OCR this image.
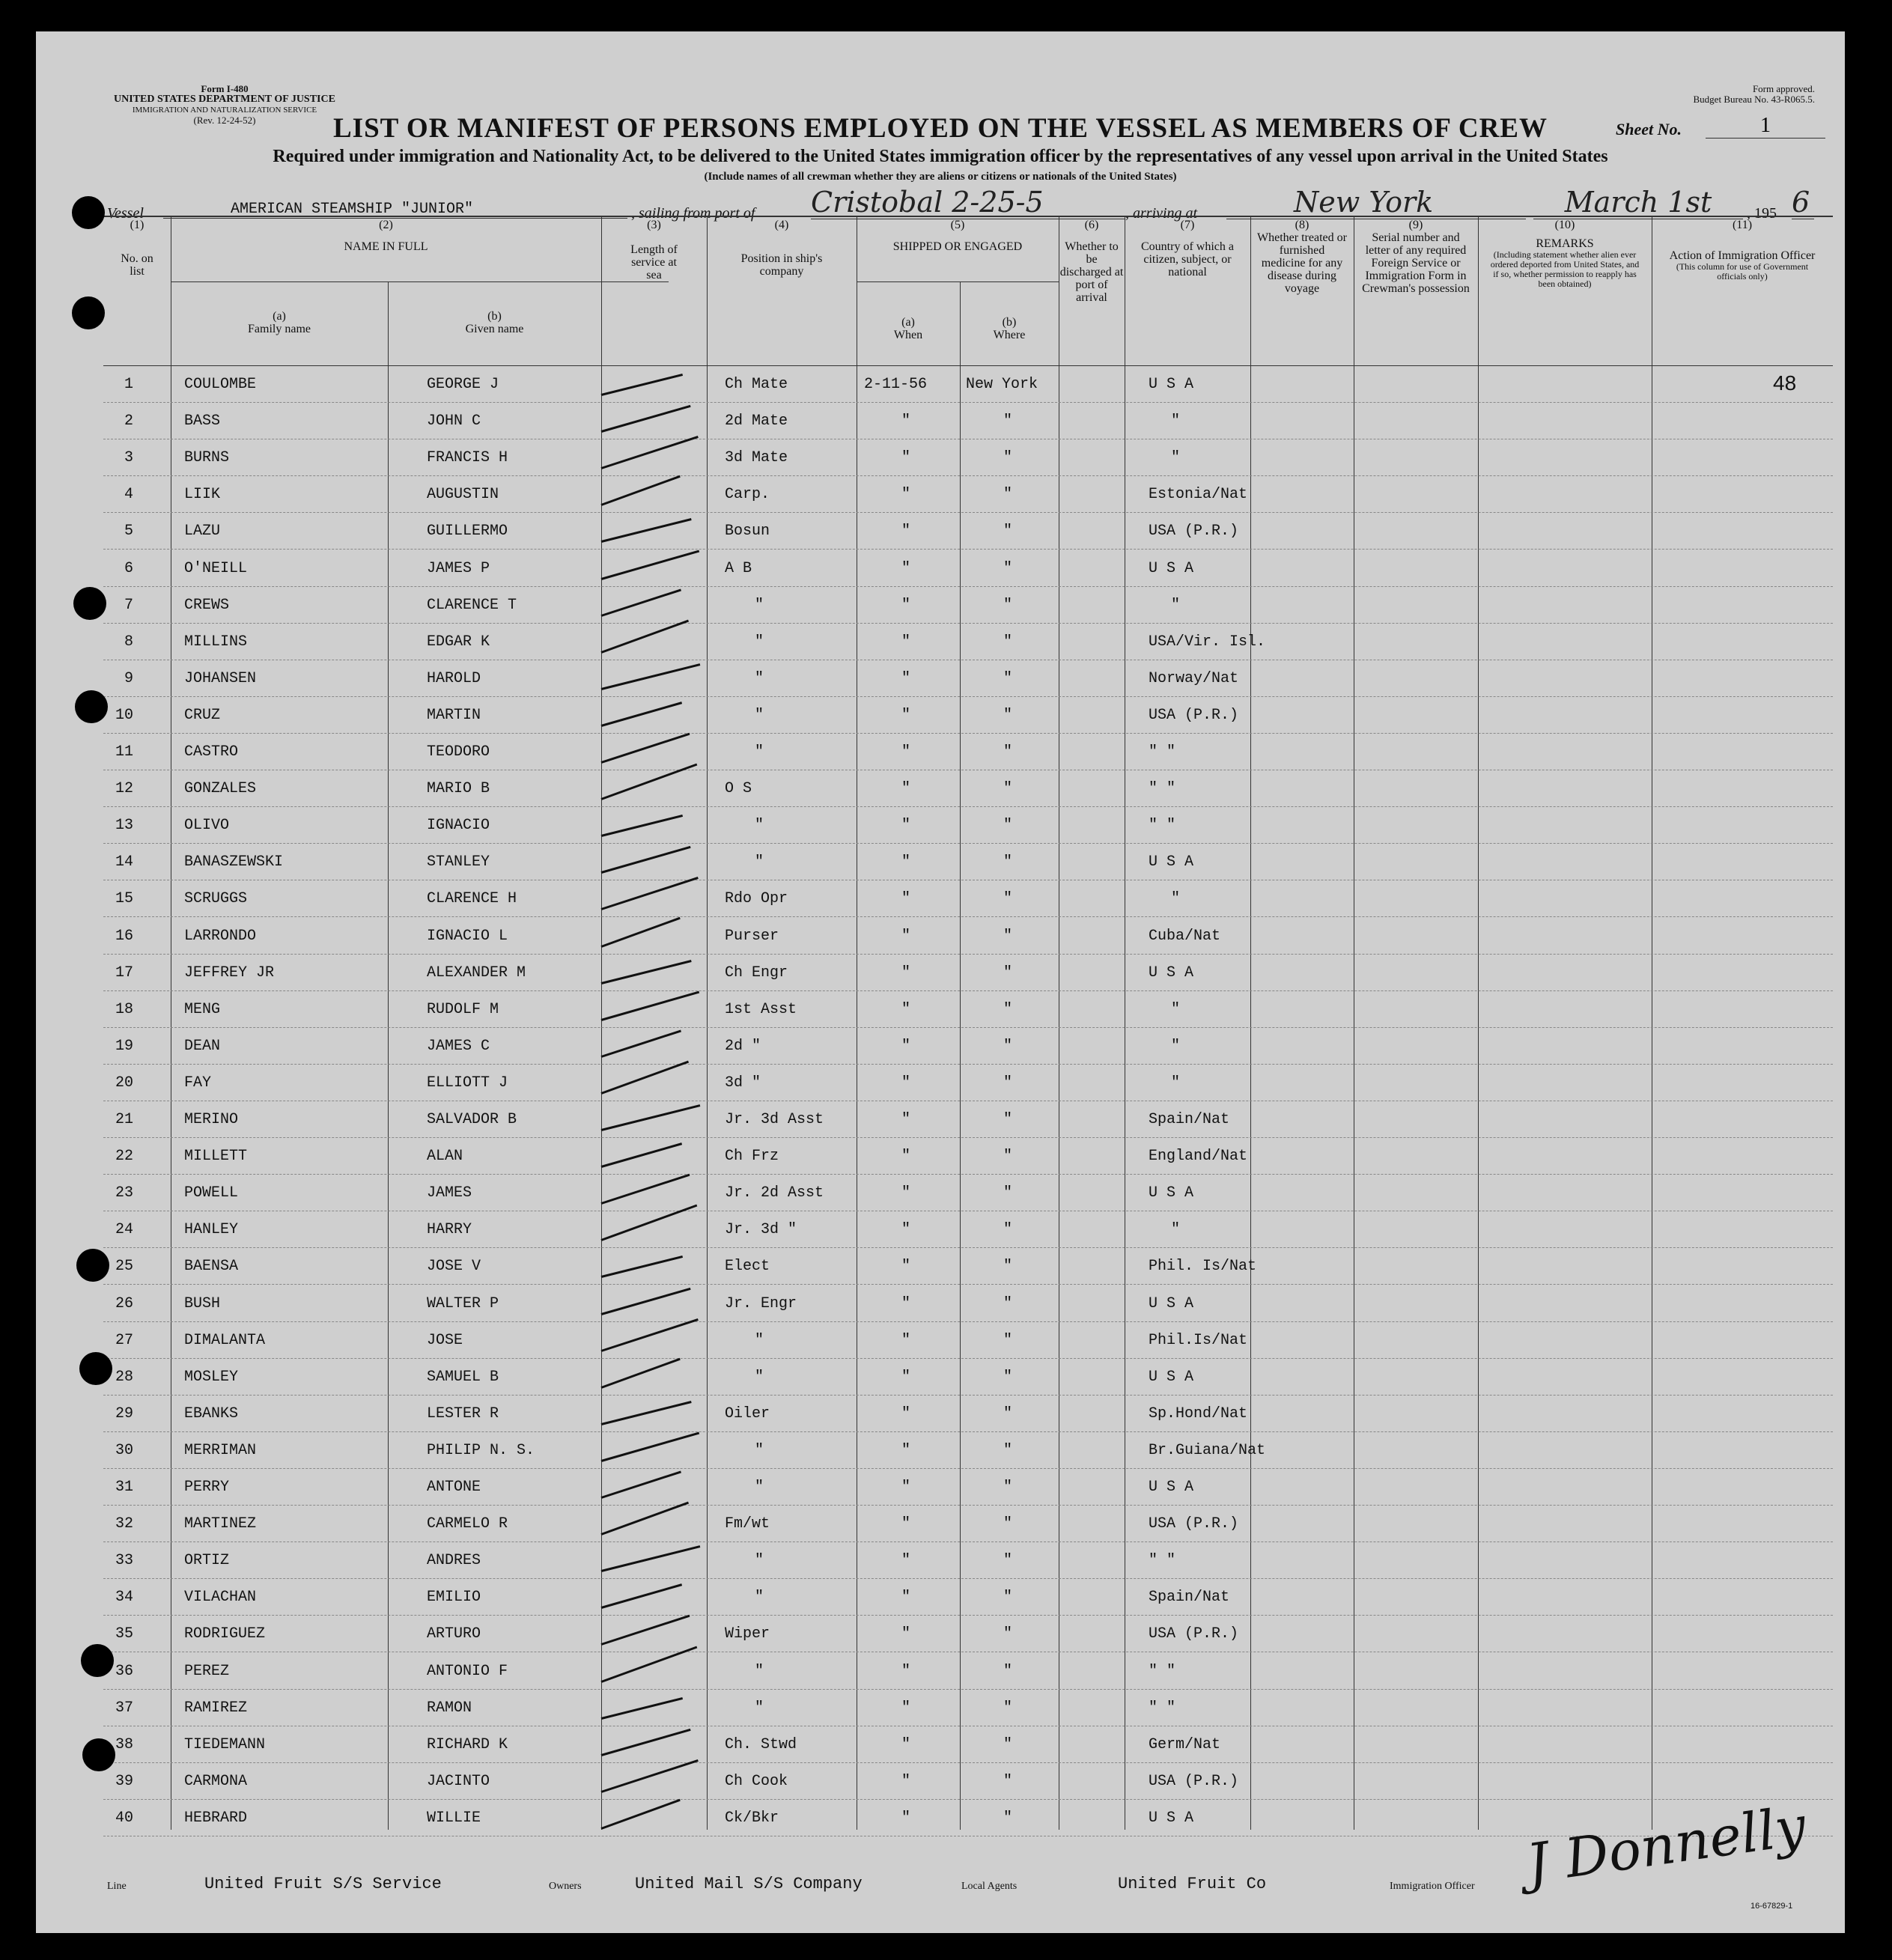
Form I-480
UNITED STATES DEPARTMENT OF JUSTICE
IMMIGRATION AND NATURALIZATION SERVICE
(Rev. 12-24-52)
Form approved.
Budget Bureau No. 43-R065.5.
LIST OR MANIFEST OF PERSONS EMPLOYED ON THE VESSEL AS MEMBERS OF CREW	Sheet No.	1
Required under immigration and Nationality Act, to be delivered to the United States immigration officer by the representatives of any vessel upon arrival in the United States
(Include names of all crewman whether they are aliens or citizens or nationals of the United States)
Vessel	AMERICAN STEAMSHIP "JUNIOR"	, sailing from port of Cristobal 2-25-5	, arriving at	New York	March 1st	, 195 6
(1)
No. on list
(2)
NAME IN FULL
(a)
Family name
(b)
Given name
(3)
Length of service at sea
(4)
Position in ship's company
(5)
SHIPPED OR ENGAGED
(a)
When
(b)
Where
(6)
Whether to be discharged at port of arrival
(7)
Country of which a citizen, subject, or national
(8)
Whether treated or furnished medicine for any disease during voyage
(9)
Serial number and letter of any required Foreign Service or Immigration Form in Crewman's possession
(10)
REMARKS
(Including statement whether alien ever ordered deported from United States, and if so, whether permission to reapply has been obtained)
(11)
Action of Immigration Officer
(This column for use of Government officials only)
48
1	COULOMBE	GEORGE J	Ch Mate	2-11-56	New York	U S A
2	BASS	JOHN C	2d Mate	"	"	"
3	BURNS	FRANCIS H	3d Mate	"	"	"
4	LIIK	AUGUSTIN	Carp.	"	"	Estonia/Nat
5	LAZU	GUILLERMO	Bosun	"	"	USA (P.R.)
6	O'NEILL	JAMES P	A B	"	"	U S A
7	CREWS	CLARENCE T	"	"	"	"
8	MILLINS	EDGAR K	"	"	"	USA/Vir. Isl.
9	JOHANSEN	HAROLD	"	"	"	Norway/Nat
10	CRUZ	MARTIN	"	"	"	USA (P.R.)
11	CASTRO	TEODORO	"	"	"	" "
12	GONZALES	MARIO B	O S	"	"	" "
13	OLIVO	IGNACIO	"	"	"	" "
14	BANASZEWSKI	STANLEY	"	"	"	U S A
15	SCRUGGS	CLARENCE H	Rdo Opr	"	"	"
16	LARRONDO	IGNACIO L	Purser	"	"	Cuba/Nat
17	JEFFREY JR	ALEXANDER M	Ch Engr	"	"	U S A
18	MENG	RUDOLF M	1st Asst	"	"	"
19	DEAN	JAMES C	2d "	"	"	"
20	FAY	ELLIOTT J	3d "	"	"	"
21	MERINO	SALVADOR B	Jr. 3d Asst	"	"	Spain/Nat
22	MILLETT	ALAN	Ch Frz	"	"	England/Nat
23	POWELL	JAMES	Jr. 2d Asst	"	"	U S A
24	HANLEY	HARRY	Jr. 3d "	"	"	"
25	BAENSA	JOSE V	Elect	"	"	Phil. Is/Nat
26	BUSH	WALTER P	Jr. Engr	"	"	U S A
27	DIMALANTA	JOSE	"	"	"	Phil.Is/Nat
28	MOSLEY	SAMUEL B	"	"	"	U S A
29	EBANKS	LESTER R	Oiler	"	"	Sp.Hond/Nat
30	MERRIMAN	PHILIP N. S.	"	"	"	Br.Guiana/Nat
31	PERRY	ANTONE	"	"	"	U S A
32	MARTINEZ	CARMELO R	Fm/wt	"	"	USA (P.R.)
33	ORTIZ	ANDRES	"	"	"	" "
34	VILACHAN	EMILIO	"	"	"	Spain/Nat
35	RODRIGUEZ	ARTURO	Wiper	"	"	USA (P.R.)
36	PEREZ	ANTONIO F	"	"	"	" "
37	RAMIREZ	RAMON	"	"	"	" "
38	TIEDEMANN	RICHARD K	Ch. Stwd	"	"	Germ/Nat
39	CARMONA	JACINTO	Ch Cook	"	"	USA (P.R.)
40	HEBRARD	WILLIE	Ck/Bkr	"	"	U S A
Line	United Fruit S/S Service	Owners	United Mail S/S Company	Local Agents	United Fruit Co	Immigration Officer J Donnelly
16-67829-1
